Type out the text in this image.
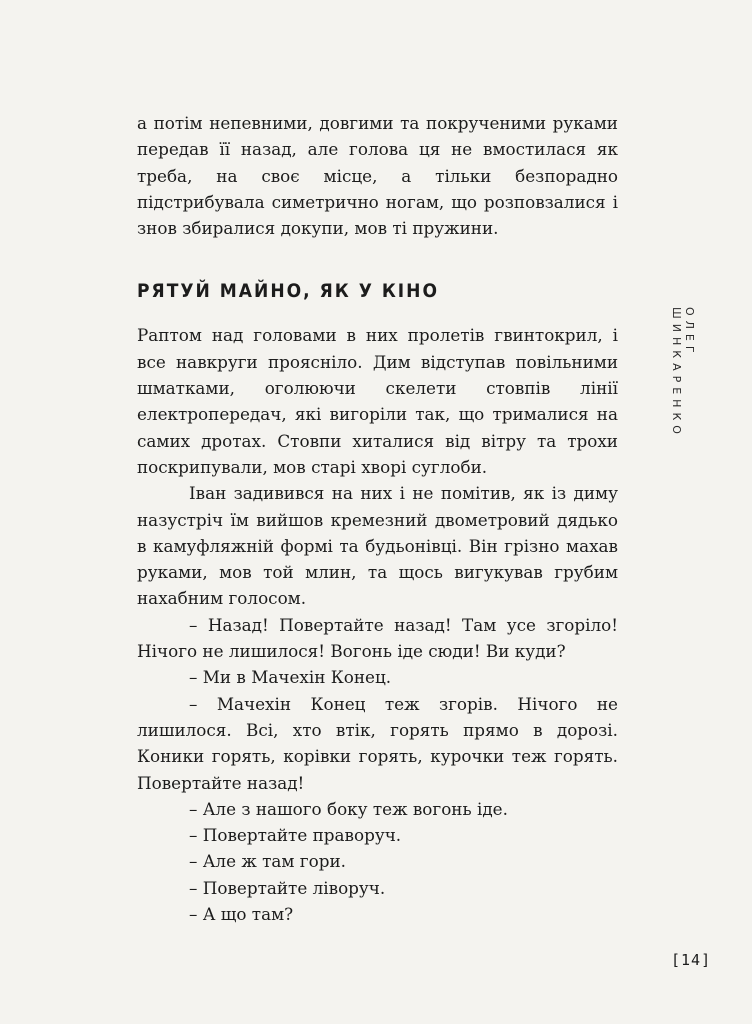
а потім непевними, довгими та покрученими руками передав її назад, але голова ця не вмостилася як треба, на своє місце, а тільки безпорадно підстрибувала симетрично ногам, що розповзалися і знов збиралися докупи, мов ті пружини.

РЯТУЙ МАЙНО, ЯК У КІНО

Раптом над головами в них пролетів гвинтокрил, і все навкруги проясніло. Дим відступав повільними шматками, оголюючи скелети стовпів лінії електропередач, які вигоріли так, що трималися на самих дротах. Стовпи хиталися від вітру та трохи поскрипували, мов старі хворі суглоби.

Іван задивився на них і не помітив, як із диму назустріч їм вийшов кремезний двометровий дядько в камуфляжній формі та будьонівці. Він грізно махав руками, мов той млин, та щось вигукував грубим нахабним голосом.

– Назад! Повертайте назад! Там усе згоріло! Нічого не лишилося! Вогонь іде сюди! Ви куди?

– Ми в Мачехін Конец.

– Мачехін Конец теж згорів. Нічого не лишилося. Всі, хто втік, горять прямо в дорозі. Коники горять, корівки горять, курочки теж горять. Повертайте назад!

– Але з нашого боку теж вогонь іде.

– Повертайте праворуч.

– Але ж там гори.

– Повертайте ліворуч.

– А що там?

ОЛЕГ ШИНКАРЕНКО
[14]
